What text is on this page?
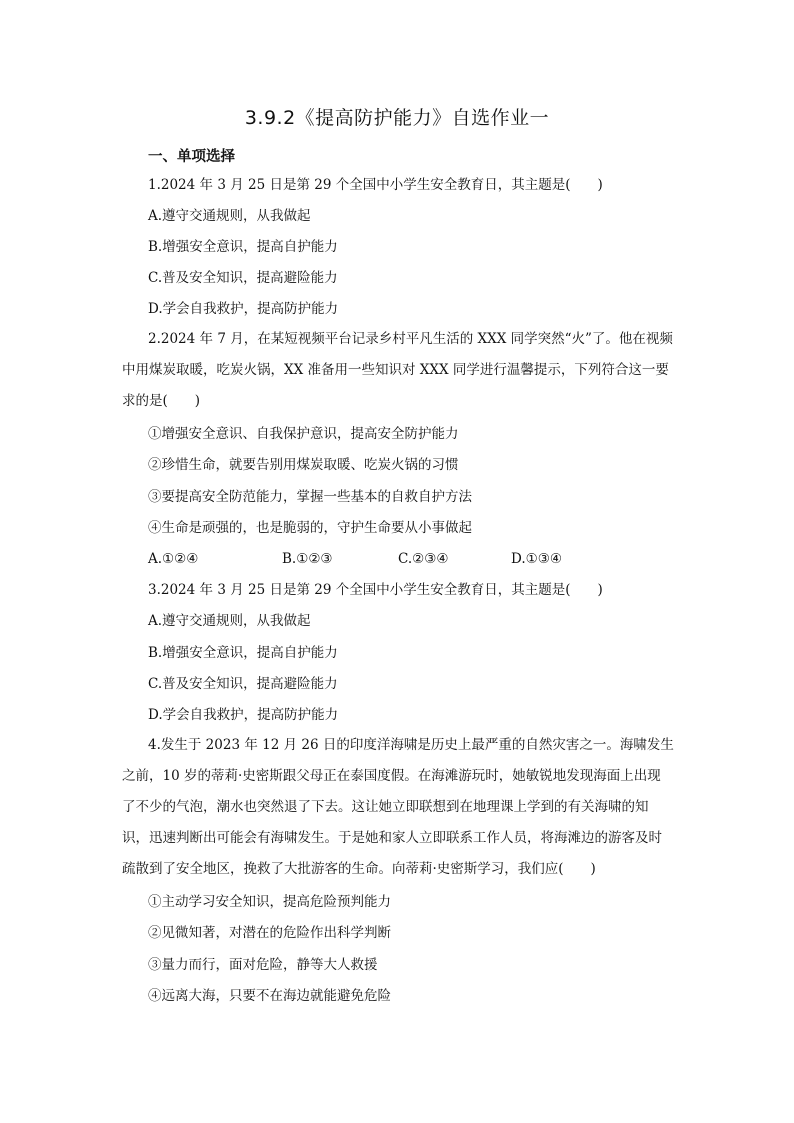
3.9.2《提高防护能力》自选作业一
一、单项选择
1.2024 年 3 月 25 日是第 29 个全国中小学生安全教育日，其主题是(　　)
A.遵守交通规则，从我做起
B.增强安全意识，提高自护能力
C.普及安全知识，提高避险能力
D.学会自我救护，提高防护能力
2.2024 年 7 月，在某短视频平台记录乡村平凡生活的 XXX 同学突然“火”了。他在视频中用煤炭取暖，吃炭火锅，XX 准备用一些知识对 XXX 同学进行温馨提示，下列符合这一要求的是(　　)
①增强安全意识、自我保护意识，提高安全防护能力
②珍惜生命，就要告别用煤炭取暖、吃炭火锅的习惯
③要提高安全防范能力，掌握一些基本的自救自护方法
④生命是顽强的，也是脆弱的，守护生命要从小事做起
A.①②④	B.①②③	C.②③④	D.①③④
3.2024 年 3 月 25 日是第 29 个全国中小学生安全教育日，其主题是(　　)
A.遵守交通规则，从我做起
B.增强安全意识，提高自护能力
C.普及安全知识，提高避险能力
D.学会自我救护，提高防护能力
4.发生于 2023 年 12 月 26 日的印度洋海啸是历史上最严重的自然灾害之一。海啸发生之前，10 岁的蒂莉·史密斯跟父母正在泰国度假。在海滩游玩时，她敏锐地发现海面上出现了不少的气泡，潮水也突然退了下去。这让她立即联想到在地理课上学到的有关海啸的知识，迅速判断出可能会有海啸发生。于是她和家人立即联系工作人员，将海滩边的游客及时疏散到了安全地区，挽救了大批游客的生命。向蒂莉·史密斯学习，我们应(　　)
①主动学习安全知识，提高危险预判能力
②见微知著，对潜在的危险作出科学判断
③量力而行，面对危险，静等大人救援
④远离大海，只要不在海边就能避免危险
